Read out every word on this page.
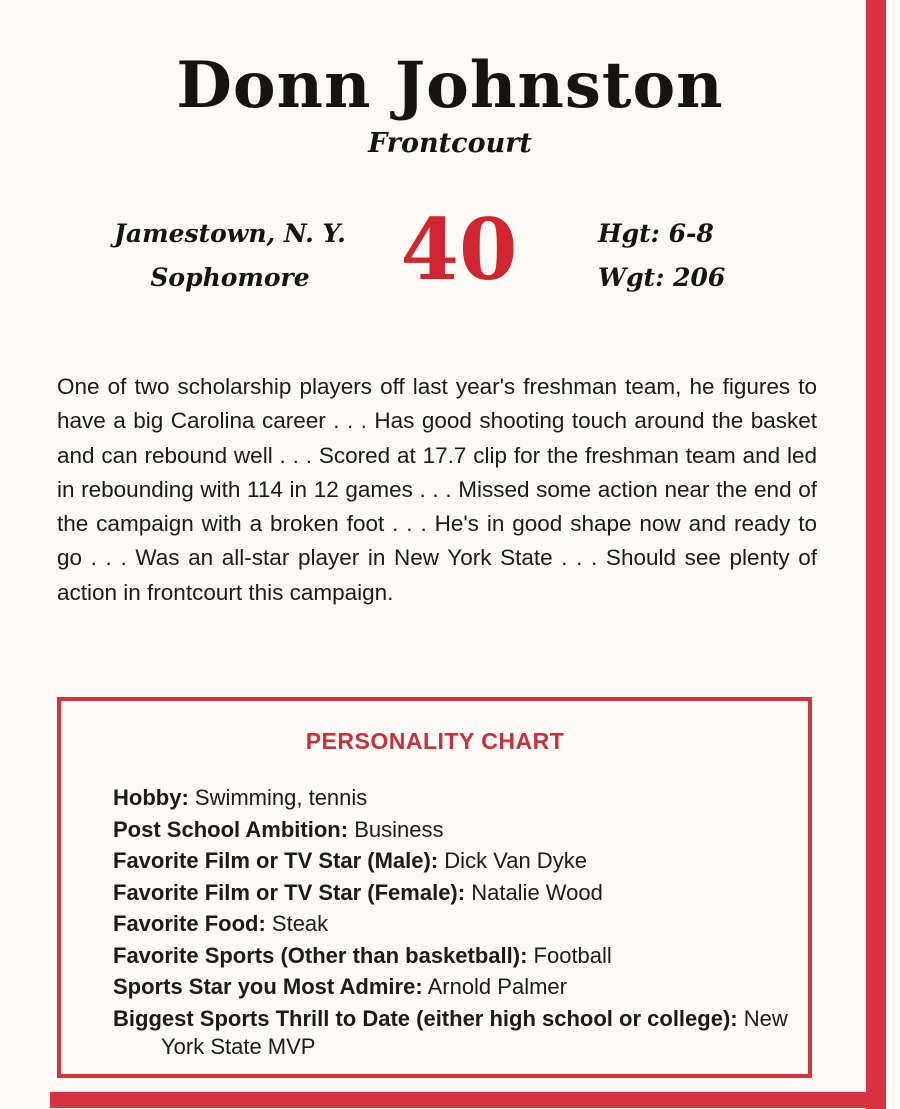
Donn Johnston
Frontcourt
Jamestown, N. Y.
Sophomore	40	Hgt: 6-8
Wgt: 206

One of two scholarship players off last year's freshman team, he figures to have a big Carolina career . . . Has good shooting touch around the basket and can rebound well . . . Scored at 17.7 clip for the freshman team and led in rebounding with 114 in 12 games . . . Missed some action near the end of the campaign with a broken foot . . . He's in good shape now and ready to go . . . Was an all-star player in New York State . . . Should see plenty of action in frontcourt this campaign.

PERSONALITY CHART
Hobby: Swimming, tennis
Post School Ambition: Business
Favorite Film or TV Star (Male): Dick Van Dyke
Favorite Film or TV Star (Female): Natalie Wood
Favorite Food: Steak
Favorite Sports (Other than basketball): Football
Sports Star you Most Admire: Arnold Palmer
Biggest Sports Thrill to Date (either high school or college): New York State MVP
